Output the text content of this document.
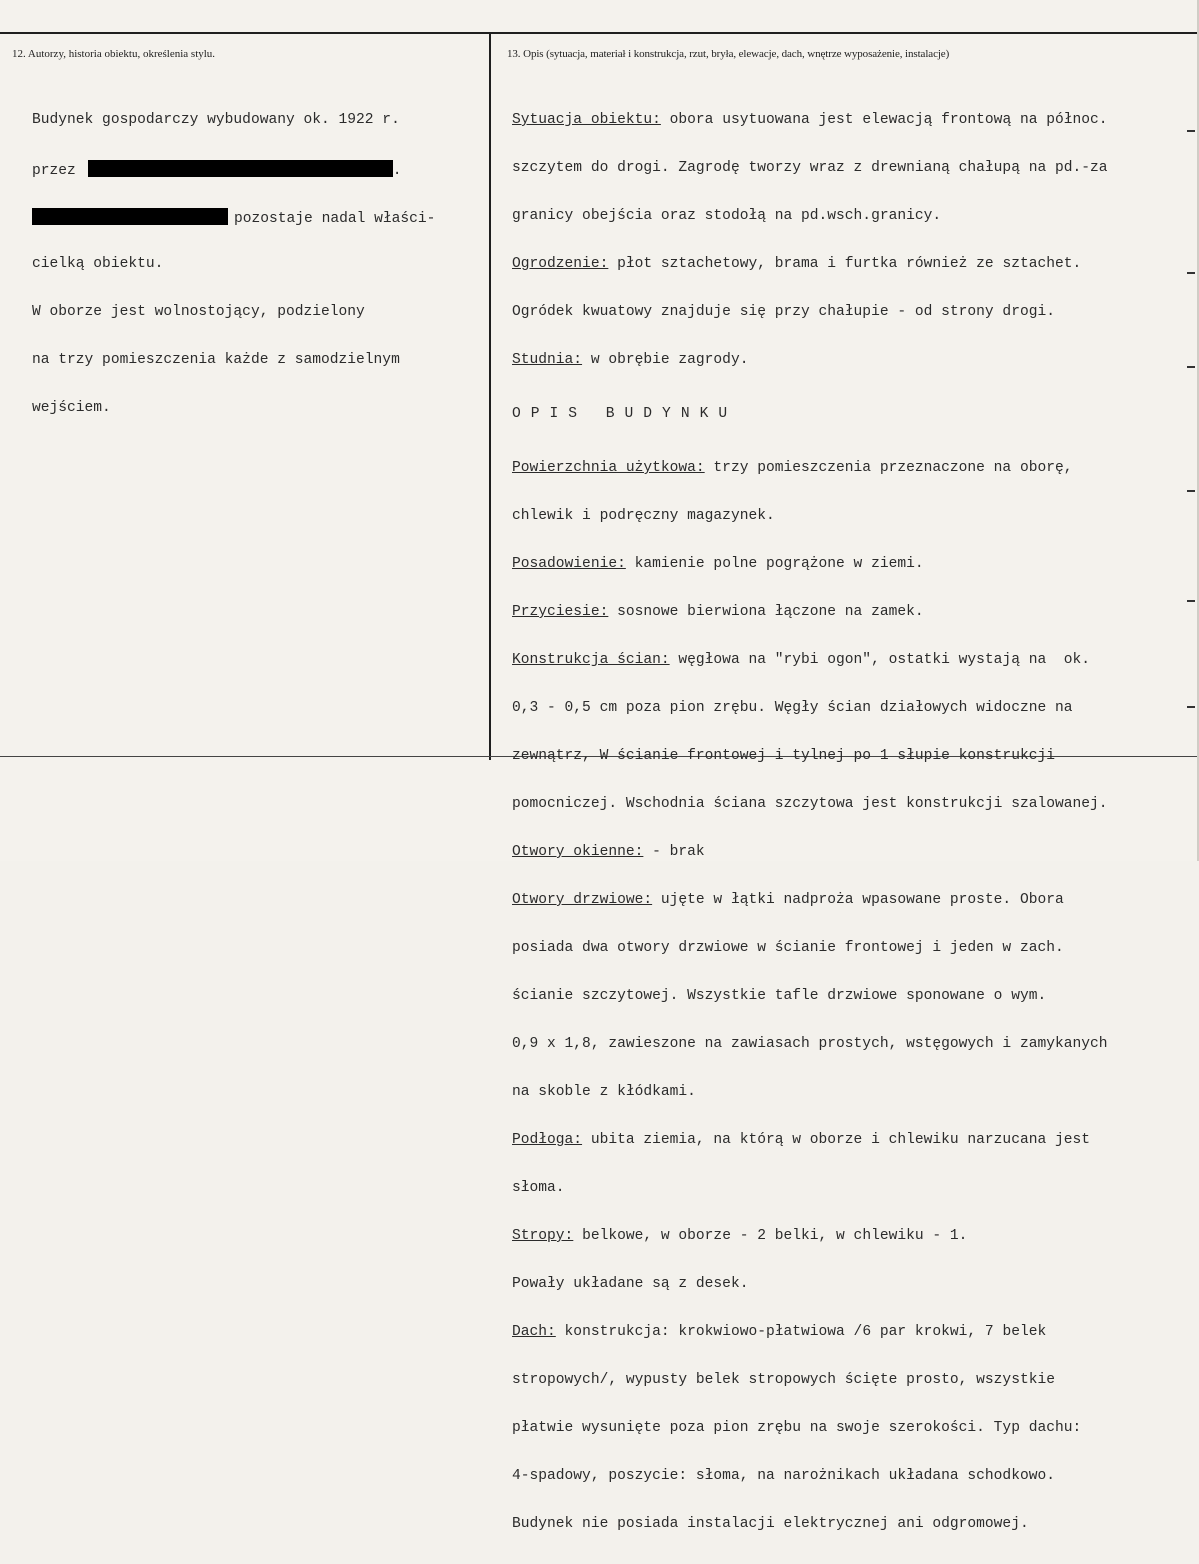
12. Autorzy, historia obiektu, określenia stylu.	13. Opis (sytuacja, materiał i konstrukcja, rzut, bryła, elewacje, dach, wnętrze wyposażenie, instalacje)

Budynek gospodarczy wybudowany ok. 1922 r.

przez	.

pozostaje nadal właści-

cielką obiektu.

W oborze jest wolnostojący, podzielony

na trzy pomieszczenia każde z samodzielnym

wejściem.

Sytuacja obiektu: obora usytuowana jest elewacją frontową na północ.

szczytem do drogi. Zagrodę tworzy wraz z drewnianą chałupą na pd.-za

granicy obejścia oraz stodołą na pd.wsch.granicy.

Ogrodzenie: płot sztachetowy, brama i furtka również ze sztachet.

Ogródek kwuatowy znajduje się przy chałupie - od strony drogi.

Studnia: w obrębie zagrody.

OPIS BUDYNKU

Powierzchnia użytkowa: trzy pomieszczenia przeznaczone na oborę,

chlewik i podręczny magazynek.

Posadowienie: kamienie polne pogrążone w ziemi.

Przyciesie: sosnowe bierwiona łączone na zamek.

Konstrukcja ścian: węgłowa na "rybi ogon", ostatki wystają na  ok.

0,3 - 0,5 cm poza pion zrębu. Węgły ścian działowych widoczne na

zewnątrz, W ścianie frontowej i tylnej po 1 słupie konstrukcji

pomocniczej. Wschodnia ściana szczytowa jest konstrukcji szalowanej.

Otwory okienne: - brak

Otwory drzwiowe: ujęte w łątki nadproża wpasowane proste. Obora

posiada dwa otwory drzwiowe w ścianie frontowej i jeden w zach.

ścianie szczytowej. Wszystkie tafle drzwiowe sponowane o wym.

0,9 x 1,8, zawieszone na zawiasach prostych, wstęgowych i zamykanych

na skoble z kłódkami.

Podłoga: ubita ziemia, na którą w oborze i chlewiku narzucana jest

słoma.

Stropy: belkowe, w oborze - 2 belki, w chlewiku - 1.

Powały układane są z desek.

Dach: konstrukcja: krokwiowo-płatwiowa /6 par krokwi, 7 belek

stropowych/, wypusty belek stropowych ścięte prosto, wszystkie

płatwie wysunięte poza pion zrębu na swoje szerokości. Typ dachu:

4-spadowy, poszycie: słoma, na narożnikach układana schodkowo.

Budynek nie posiada instalacji elektrycznej ani odgromowej.
